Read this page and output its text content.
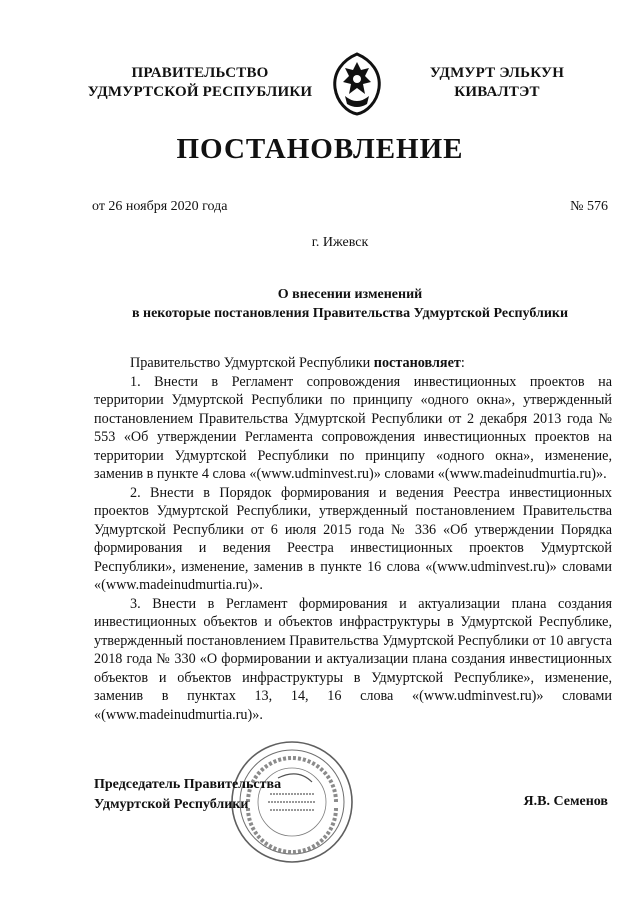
ПРАВИТЕЛЬСТВО
УДМУРТСКОЙ РЕСПУБЛИКИ
УДМУРТ ЭЛЬКУН
КИВАЛТЭТ
ПОСТАНОВЛЕНИЕ
от 26 ноября 2020 года	№ 576
г. Ижевск
О внесении изменений
в некоторые постановления Правительства Удмуртской Республики

Правительство Удмуртской Республики постановляет:

1. Внести в Регламент сопровождения инвестиционных проектов на территории Удмуртской Республики по принципу «одного окна», утвержденный постановлением Правительства Удмуртской Республики от 2 декабря 2013 года № 553 «Об утверждении Регламента сопровождения инвестиционных проектов на территории Удмуртской Республики по принципу «одного окна», изменение, заменив в пункте 4 слова «(www.udminvest.ru)» словами «(www.madeinudmurtia.ru)».

2. Внести в Порядок формирования и ведения Реестра инвестиционных проектов Удмуртской Республики, утвержденный постановлением Правительства Удмуртской Республики от 6 июля 2015 года № 336 «Об утверждении Порядка формирования и ведения Реестра инвестиционных проектов Удмуртской Республики», изменение, заменив в пункте 16 слова «(www.udminvest.ru)» словами «(www.madeinudmurtia.ru)».

3. Внести в Регламент формирования и актуализации плана создания инвестиционных объектов и объектов инфраструктуры в Удмуртской Республике, утвержденный постановлением Правительства Удмуртской Республики от 10 августа 2018 года № 330 «О формировании и актуализации плана создания инвестиционных объектов и объектов инфраструктуры в Удмуртской Республике», изменение, заменив в пунктах 13, 14, 16 слова «(www.udminvest.ru)» словами «(www.madeinudmurtia.ru)».

Председатель Правительства
Удмуртской Республики	Я.В. Семенов
